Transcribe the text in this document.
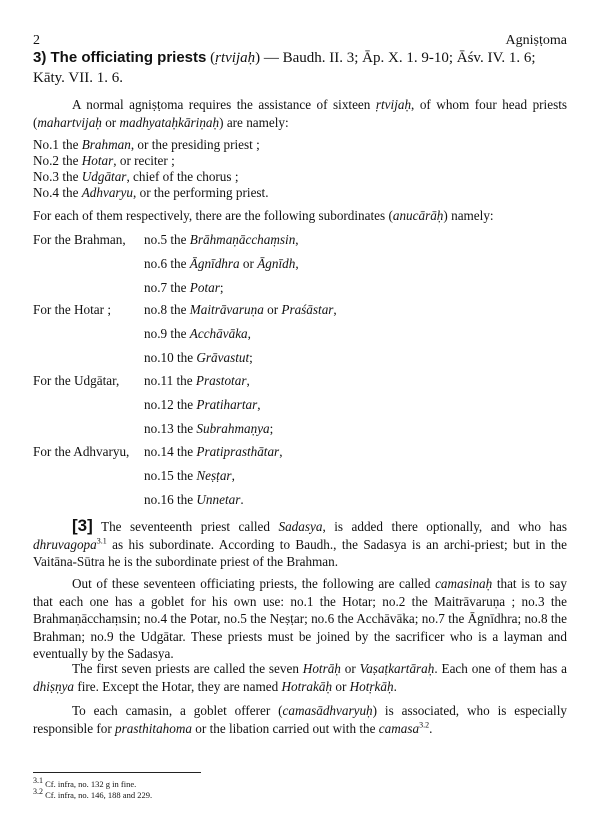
2	Agniṣṭoma
3) The officiating priests (ṛtvijaḥ) — Baudh. II. 3; Āp. X. 1. 9-10; Āśv. IV. 1. 6;
Kāty. VII. 1. 6.
A normal agniṣṭoma requires the assistance of sixteen ṛtvijaḥ, of whom four head priests (mahartvijaḥ or madhyataḥkāriṇaḥ) are namely:
No.1 the Brahman, or the presiding priest ;
No.2 the Hotar, or reciter ;
No.3 the Udgātar, chief of the chorus ;
No.4 the Adhvaryu, or the performing priest.
For each of them respectively, there are the following subordinates (anucārāḥ) namely:
For the Brahman, no.5 the Brāhmaṇācchaṃsin,
no.6 the Āgnīdhra or Āgnīdh,
no.7 the Potar;
For the Hotar ; no.8 the Maitrāvaruṇa or Praśāstar,
no.9 the Acchāvāka,
no.10 the Grāvastut;
For the Udgātar, no.11 the Prastotar,
no.12 the Pratihartar,
no.13 the Subrahmaṇya;
For the Adhvaryu, no.14 the Pratiprasthātar,
no.15 the Neṣṭar,
no.16 the Unnetar.
[3] The seventeenth priest called Sadasya, is added there optionally, and who has dhruvagopa$^{3.1}$ as his subordinate. According to Baudh., the Sadasya is an archi-priest; but in the Vaitāna-Sūtra he is the subordinate priest of the Brahman.
Out of these seventeen officiating priests, the following are called camasinaḥ that is to say that each one has a goblet for his own use: no.1 the Hotar; no.2 the Maitrāvaruṇa ; no.3 the Brahmaṇācchaṃsin; no.4 the Potar, no.5 the Neṣṭar; no.6 the Acchāvāka; no.7 the Āgnīdhra; no.8 the Brahman; no.9 the Udgātar. These priests must be joined by the sacrificer who is a layman and eventually by the Sadasya.
The first seven priests are called the seven Hotrāḥ or Vaṣaṭkartāraḥ. Each one of them has a dhiṣṇya fire. Except the Hotar, they are named Hotrakāḥ or Hotṛkāḥ.
To each camasin, a goblet offerer (camasādhvaryuḥ) is associated, who is especially responsible for prasthitahoma or the libation carried out with the camasa$^{3.2}$.
$^{3.1}$ Cf. infra, no. 132 g in fine.
$^{3.2}$ Cf. infra, no. 146, 188 and 229.
